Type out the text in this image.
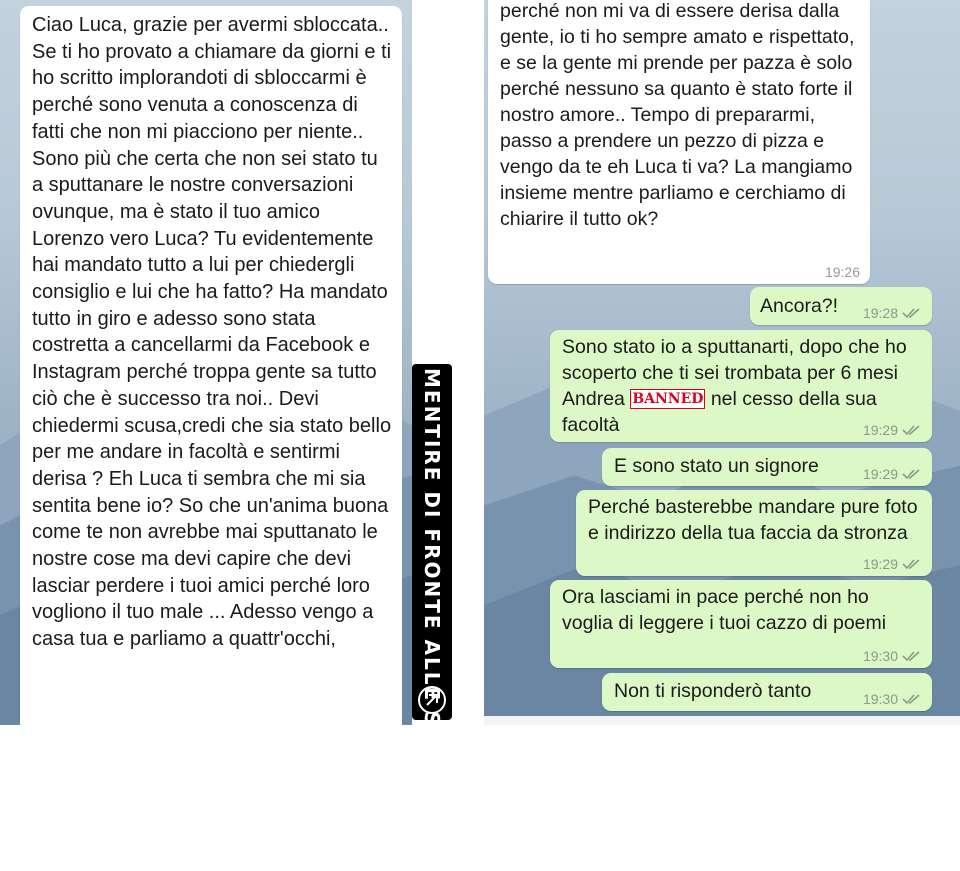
Ciao Luca, grazie per avermi sbloccata.. Se ti ho provato a chiamare da giorni e ti ho scritto implorandoti di sbloccarmi è perché sono venuta a conoscenza di fatti che non mi piacciono per niente.. Sono più che certa che non sei stato tu a sputtanare le nostre conversazioni ovunque, ma è stato il tuo amico Lorenzo vero Luca? Tu evidentemente hai mandato tutto a lui per chiedergli consiglio e lui che ha fatto? Ha mandato tutto in giro e adesso sono stata costretta a cancellarmi da Facebook e Instagram perché troppa gente sa tutto ciò che è successo tra noi.. Devi chiedermi scusa,credi che sia stato bello per me andare in facoltà e sentirmi derisa ? Eh Luca ti sembra che mi sia sentita bene io? So che un'anima buona come te non avrebbe mai sputtanato le nostre cose ma devi capire che devi lasciar perdere i tuoi amici perché loro vogliono il tuo male ... Adesso vengo a casa tua e parliamo a quattr'occhi,	MENTIRE DI FRONTE ALLE SPUNTE BLU
perché non mi va di essere derisa dalla gente, io ti ho sempre amato e rispettato, e se la gente mi prende per pazza è solo perché nessuno sa quanto è stato forte il nostro amore.. Tempo di prepararmi, passo a prendere un pezzo di pizza e vengo da te eh Luca ti va? La mangiamo insieme mentre parliamo e cerchiamo di chiarire il tutto ok?
19:26
Ancora?!	19:28
Sono stato io a sputtanarti, dopo che ho scoperto che ti sei trombata per 6 mesi Andrea BANNED nel cesso della sua facoltà	19:29
E sono stato un signore	19:29
Perché basterebbe mandare pure foto e indirizzo della tua faccia da stronza
19:29
Ora lasciami in pace perché non ho voglia di leggere i tuoi cazzo di poemi
19:30
Non ti risponderò tanto	19:30
